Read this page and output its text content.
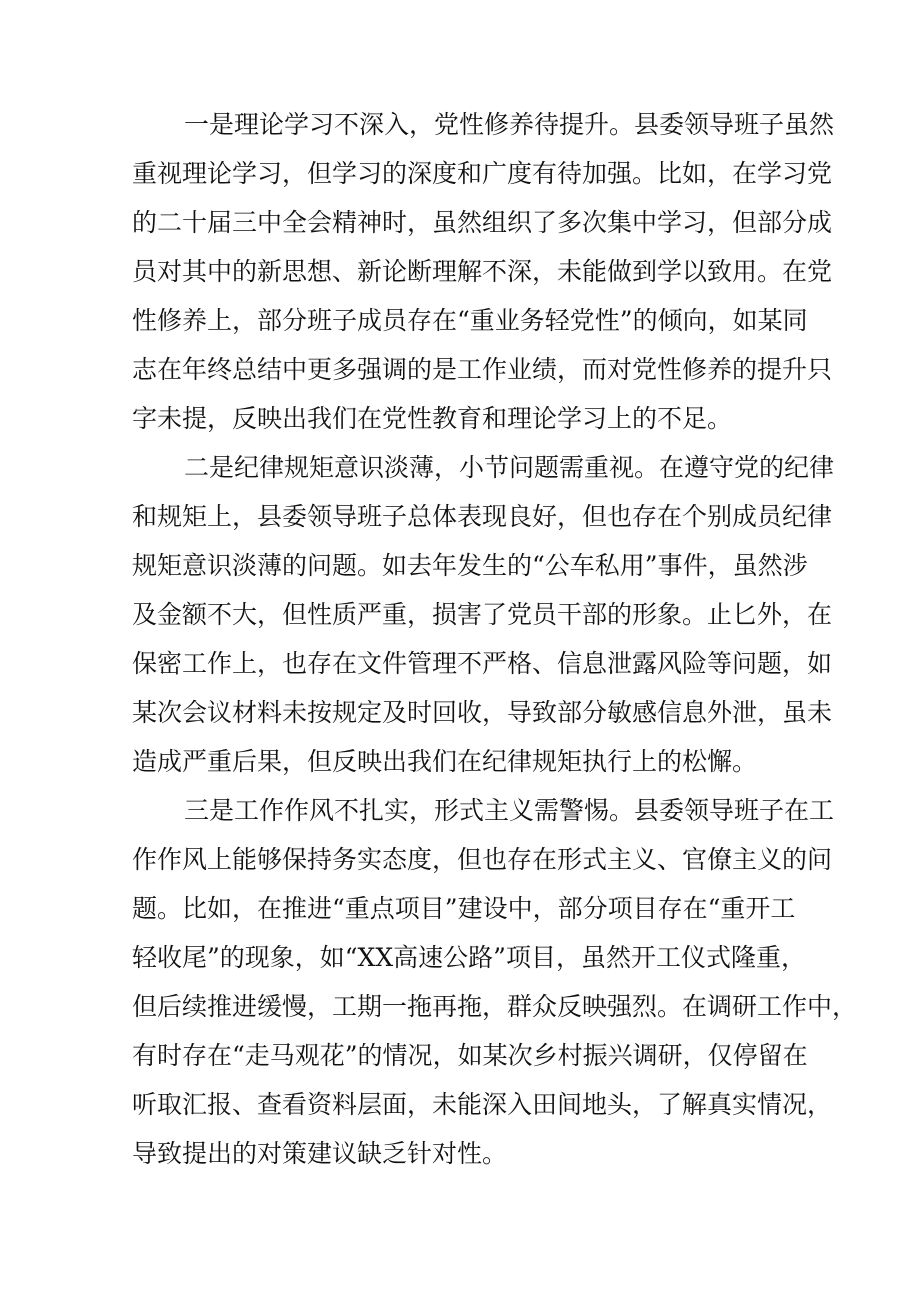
一是理论学习不深入，党性修养待提升。县委领导班子虽然
重视理论学习，但学习的深度和广度有待加强。比如，在学习党
的二十届三中全会精神时，虽然组织了多次集中学习，但部分成
员对其中的新思想、新论断理解不深，未能做到学以致用。在党
性修养上，部分班子成员存在“重业务轻党性”的倾向，如某同
志在年终总结中更多强调的是工作业绩，而对党性修养的提升只
字未提，反映出我们在党性教育和理论学习上的不足。
二是纪律规矩意识淡薄，小节问题需重视。在遵守党的纪律
和规矩上，县委领导班子总体表现良好，但也存在个别成员纪律
规矩意识淡薄的问题。如去年发生的“公车私用”事件，虽然涉
及金额不大，但性质严重，损害了党员干部的形象。止匕外，在
保密工作上，也存在文件管理不严格、信息泄露风险等问题，如
某次会议材料未按规定及时回收，导致部分敏感信息外泄，虽未
造成严重后果，但反映出我们在纪律规矩执行上的松懈。
三是工作作风不扎实，形式主义需警惕。县委领导班子在工
作作风上能够保持务实态度，但也存在形式主义、官僚主义的问
题。比如，在推进“重点项目”建设中，部分项目存在“重开工
轻收尾”的现象，如“XX高速公路”项目，虽然开工仪式隆重，
但后续推进缓慢，工期一拖再拖，群众反映强烈。在调研工作中，
有时存在“走马观花”的情况，如某次乡村振兴调研，仅停留在
听取汇报、查看资料层面，未能深入田间地头，了解真实情况，
导致提出的对策建议缺乏针对性。
